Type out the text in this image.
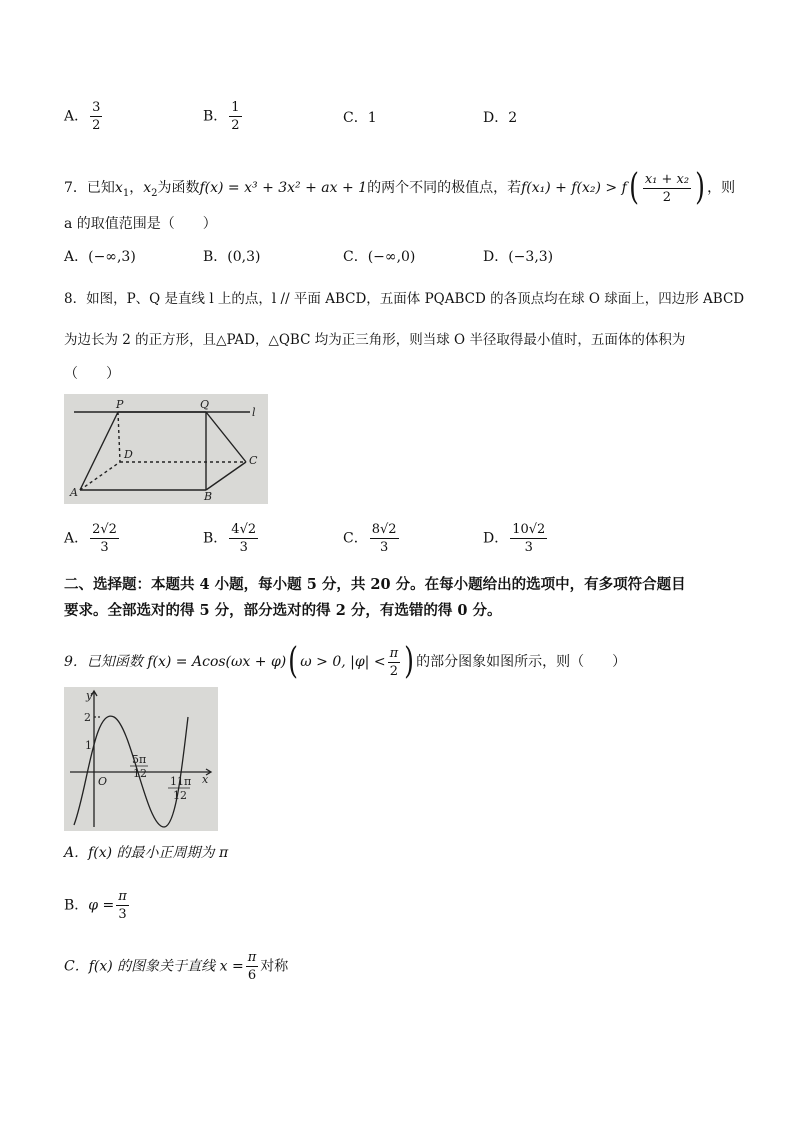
A． $\frac{3}{2}$	B． $\frac{1}{2}$	C．1	D．2
7．已知$x_1$，$x_2$为函数f(x) = x³ + 3x² + ax + 1的两个不同的极值点，若$f(x_1) + f(x_2) > f( \frac{\text{x₁ + x₂}}{2}$ ) ，则
a 的取值范围是（　　）
A．(−∞,3)	B．(0,3)	C．(−∞,0)	D．(−3,3)
8．如图，P、Q 是直线 l 上的点，l // 平面 ABCD，五面体 PQABCD 的各顶点均在球 O 球面上，四边形 ABCD
为边长为 2 的正方形，且△PAD，△QBC 均为正三角形，则当球 O 半径取得最小值时，五面体的体积为
（　　）
P	Q
l
D	C
A	B
A． $\frac{2√2}{3}$	B． $\frac{4√2}{3}$	C． $\frac{8√2}{3}$	D． $\frac{10√2}{3}$
二、选择题：本题共 4 小题，每小题 5 分，共 20 分。在每小题给出的选项中，有多项符合题目
要求。全部选对的得 5 分，部分选对的得 2 分，有选错的得 0 分。
9．已知函数 f(x) = Acos(ωx + φ)( ω > 0, $|\varphi| < \frac{\pi}{2}$ ) 的部分图象如图所示，则（　　）
y
x
2
1
O
5π
12
11π
12
A．f(x) 的最小正周期为 π
B．$\varphi = \frac{\pi}{3}$
C．f(x) 的图象关于直线 $x = \frac{\pi}{6}$ 对称
